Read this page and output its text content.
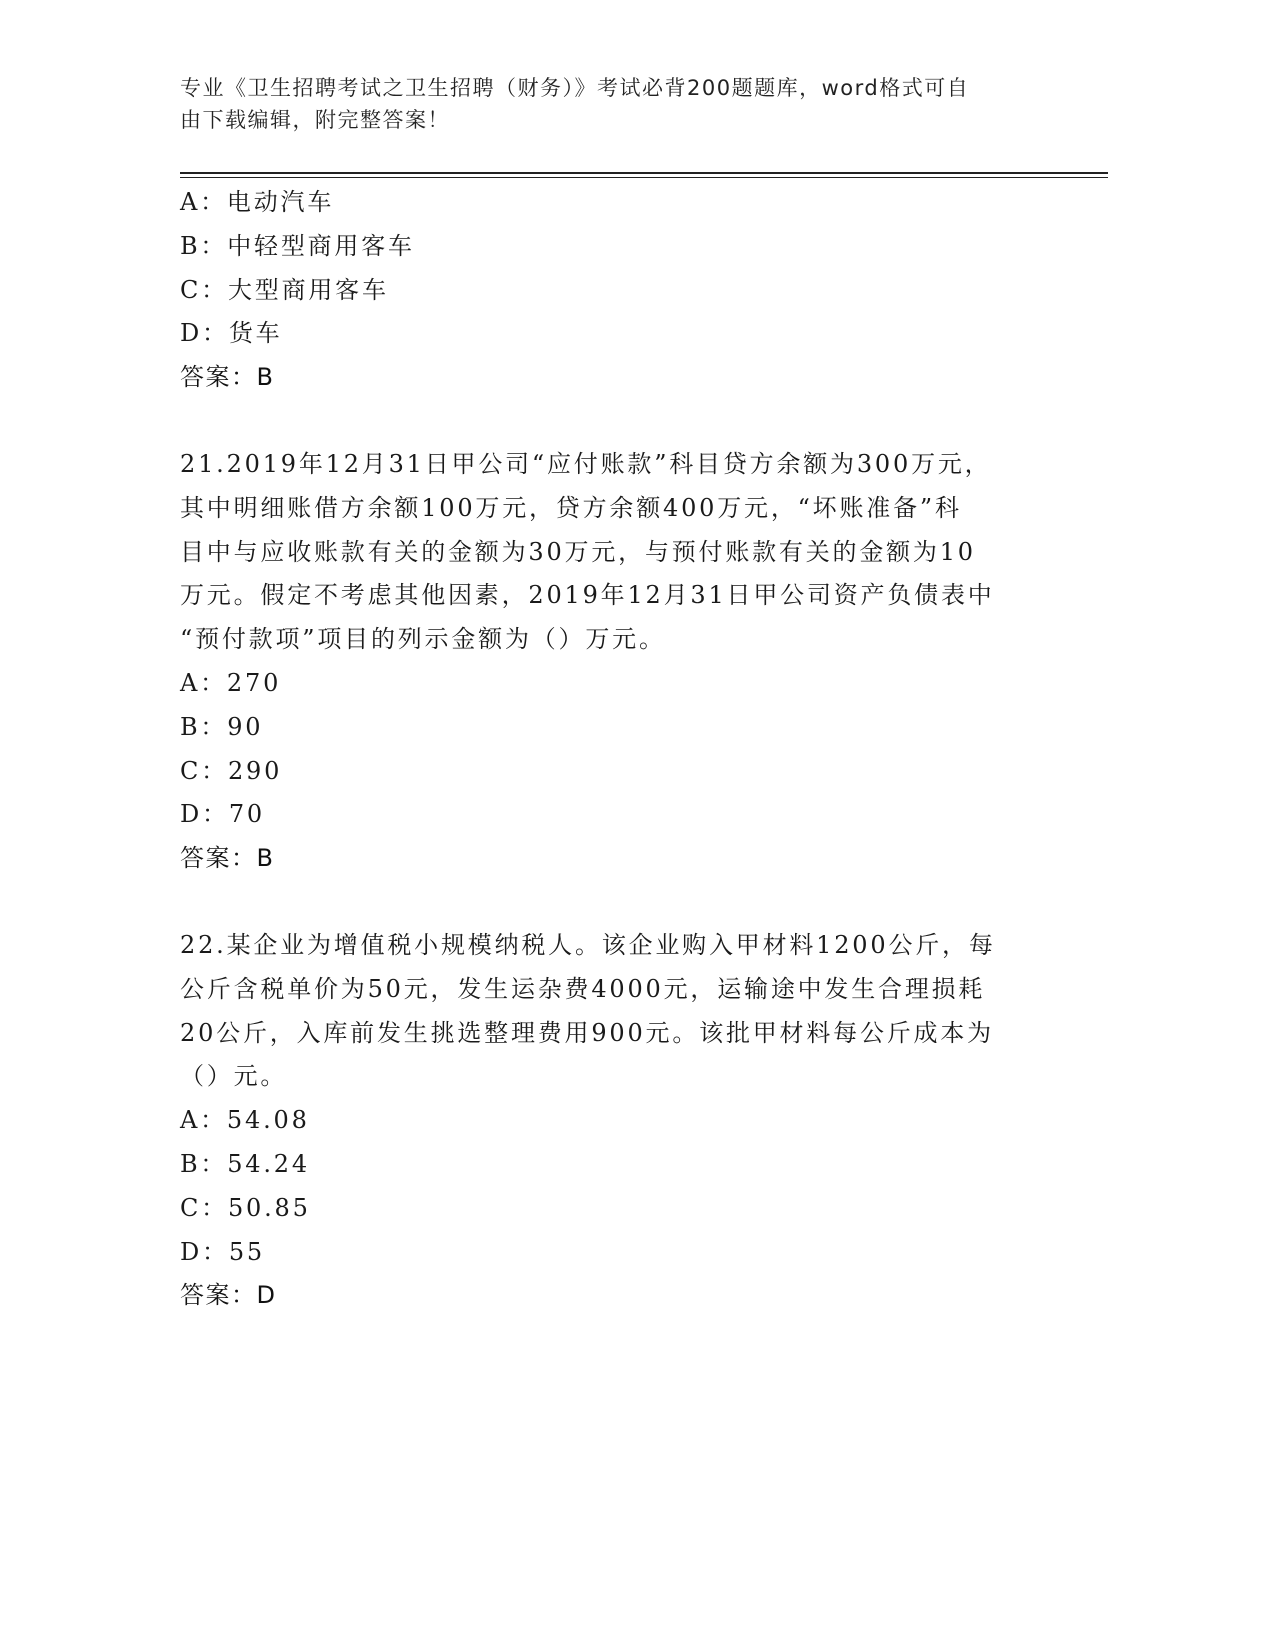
专业《卫生招聘考试之卫生招聘（财务）》考试必背200题题库，word格式可自
由下载编辑，附完整答案！
A：电动汽车
B：中轻型商用客车
C：大型商用客车
D：货车
答案：B
21.2019年12月31日甲公司“应付账款”科目贷方余额为300万元，
其中明细账借方余额100万元，贷方余额400万元，“坏账准备”科
目中与应收账款有关的金额为30万元，与预付账款有关的金额为10
万元。假定不考虑其他因素，2019年12月31日甲公司资产负债表中
“预付款项”项目的列示金额为（）万元。
A：270
B：90
C：290
D：70
答案：B
22.某企业为增值税小规模纳税人。该企业购入甲材料1200公斤，每
公斤含税单价为50元，发生运杂费4000元，运输途中发生合理损耗
20公斤，入库前发生挑选整理费用900元。该批甲材料每公斤成本为
（）元。
A：54.08
B：54.24
C：50.85
D：55
答案：D
